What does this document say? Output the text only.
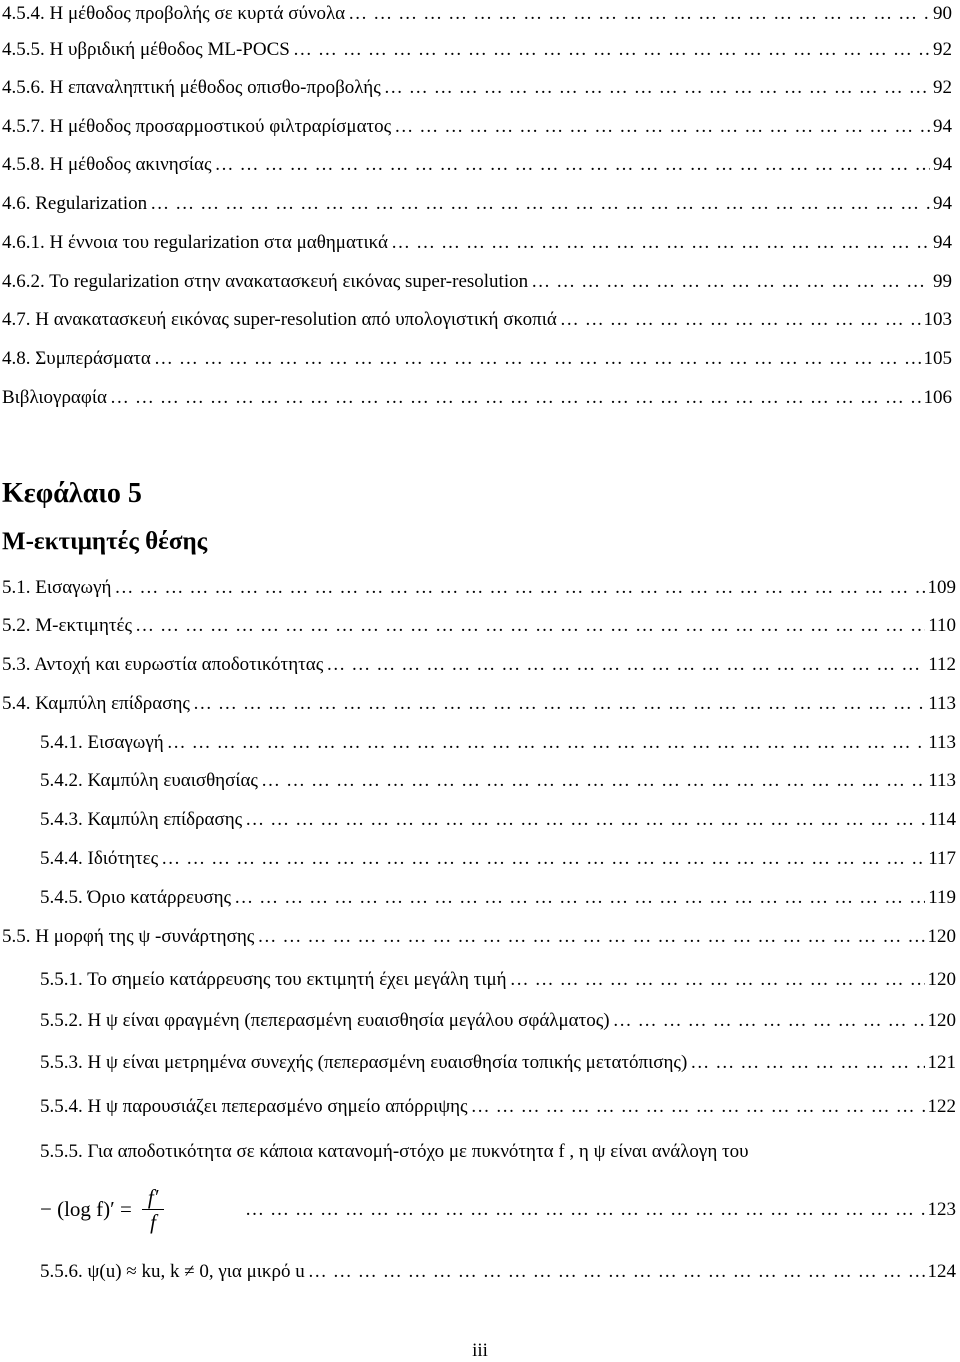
4.5.4. Η μέθοδος προβολής σε κυρτά σύνολα …………………………………………………………………………………………………………………………………………………………………………………………………………………………	90
4.5.5. Η υβριδική μέθοδος ML-POCS …………………………………………………………………………………………………………………………………………………………………………………………………………………………	92
4.5.6. Η επαναληπτική μέθοδος οπισθο-προβολής …………………………………………………………………………………………………………………………………………………………………………………………………………………………	92
4.5.7. Η μέθοδος προσαρμοστικού φιλτραρίσματος …………………………………………………………………………………………………………………………………………………………………………………………………………………………	94
4.5.8. Η μέθοδος ακινησίας …………………………………………………………………………………………………………………………………………………………………………………………………………………………	94
4.6. Regularization …………………………………………………………………………………………………………………………………………………………………………………………………………………………	94
4.6.1. Η έννοια του regularization στα μαθηματικά …………………………………………………………………………………………………………………………………………………………………………………………………………………………	94
4.6.2. Το regularization στην ανακατασκευή εικόνας super-resolution …………………………………………………………………………………………………………………………………………………………………………………………………………………………	99
4.7. Η ανακατασκευή εικόνας super-resolution από υπολογιστική σκοπιά …………………………………………………………………………………………………………………………………………………………………………………………………………………………	103
4.8. Συμπεράσματα …………………………………………………………………………………………………………………………………………………………………………………………………………………………	105
Βιβλιογραφία …………………………………………………………………………………………………………………………………………………………………………………………………………………………	106
Κεφάλαιο 5
Μ-εκτιμητές θέσης
5.1. Εισαγωγή …………………………………………………………………………………………………………………………………………………………………………………………………………………………	109
5.2. Μ-εκτιμητές …………………………………………………………………………………………………………………………………………………………………………………………………………………………	110
5.3. Αντοχή και ευρωστία αποδοτικότητας …………………………………………………………………………………………………………………………………………………………………………………………………………………………	112
5.4. Καμπύλη επίδρασης …………………………………………………………………………………………………………………………………………………………………………………………………………………………	113
5.4.1. Εισαγωγή …………………………………………………………………………………………………………………………………………………………………………………………………………………………	113
5.4.2. Καμπύλη ευαισθησίας …………………………………………………………………………………………………………………………………………………………………………………………………………………………	113
5.4.3. Καμπύλη επίδρασης …………………………………………………………………………………………………………………………………………………………………………………………………………………………	114
5.4.4. Ιδιότητες …………………………………………………………………………………………………………………………………………………………………………………………………………………………	117
5.4.5. Όριο κατάρρευσης …………………………………………………………………………………………………………………………………………………………………………………………………………………………	119
5.5. Η μορφή της ψ -συνάρτησης …………………………………………………………………………………………………………………………………………………………………………………………………………………………	120
5.5.1. Το σημείο κατάρρευσης του εκτιμητή έχει μεγάλη τιμή …………………………………………………………………………………………………………………………………………………………………………………………………………………………	120
5.5.2. Η ψ είναι φραγμένη (πεπερασμένη ευαισθησία μεγάλου σφάλματος) …………………………………………………………………………………………………………………………………………………………………………………………………………………………	120
5.5.3. Η ψ είναι μετρημένα συνεχής (πεπερασμένη ευαισθησία τοπικής μετατόπισης) …………………………………………………………………………………………………………………………………………………………………………………………………………………………	121
5.5.4. Η ψ παρουσιάζει πεπερασμένο σημείο απόρριψης …………………………………………………………………………………………………………………………………………………………………………………………………………………………	122
5.5.5. Για αποδοτικότητα σε κάποια κατανομή-στόχο με πυκνότητα f , η ψ είναι ανάλογη του
− (log $f)' = \frac{f'}{f}$ …………………………………………………………………………………………………………………………………………………………………………………………………………………………	123
5.5.6. ψ(u) ≈ ku, k ≠ 0, για μικρό u …………………………………………………………………………………………………………………………………………………………………………………………………………………………	124
iii
